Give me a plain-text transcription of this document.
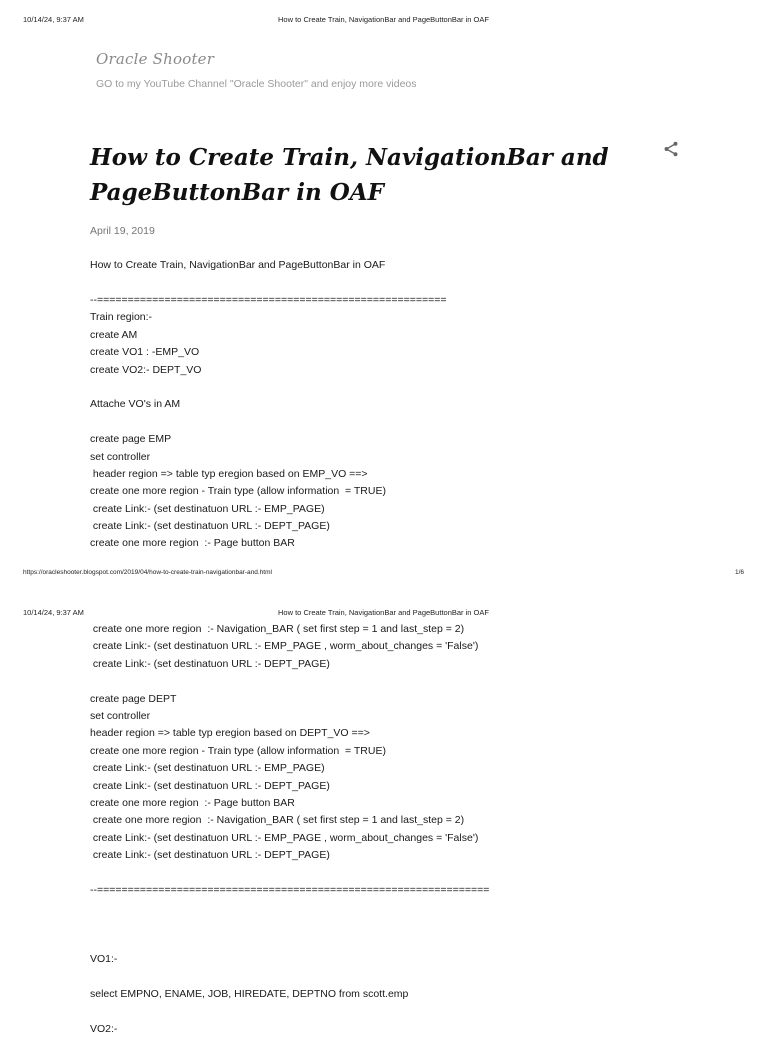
10/14/24, 9:37 AM	How to Create Train, NavigationBar and PageButtonBar in OAF
Oracle Shooter
GO to my YouTube Channel "Oracle Shooter" and enjoy more videos
How to Create Train, NavigationBar and
PageButtonBar in OAF
April 19, 2019
How to Create Train, NavigationBar and PageButtonBar in OAF
--=========================================================
Train region:-
create AM
create VO1 : -EMP_VO
create VO2:- DEPT_VO
Attache VO's in AM
create page EMP
set controller
header region => table typ eregion based on EMP_VO ==>
create one more region - Train type (allow information  = TRUE)
create Link:- (set destinatuon URL :- EMP_PAGE)
create Link:- (set destinatuon URL :- DEPT_PAGE)
create one more region  :- Page button BAR
https://oracleshooter.blogspot.com/2019/04/how-to-create-train-navigationbar-and.html	1/6
10/14/24, 9:37 AM	How to Create Train, NavigationBar and PageButtonBar in OAF
create one more region  :- Navigation_BAR ( set first step = 1 and last_step = 2)
create Link:- (set destinatuon URL :- EMP_PAGE , worm_about_changes = 'False')
create Link:- (set destinatuon URL :- DEPT_PAGE)
create page DEPT
set controller
header region => table typ eregion based on DEPT_VO ==>
create one more region - Train type (allow information  = TRUE)
create Link:- (set destinatuon URL :- EMP_PAGE)
create Link:- (set destinatuon URL :- DEPT_PAGE)
create one more region  :- Page button BAR
create one more region  :- Navigation_BAR ( set first step = 1 and last_step = 2)
create Link:- (set destinatuon URL :- EMP_PAGE , worm_about_changes = 'False')
create Link:- (set destinatuon URL :- DEPT_PAGE)
--================================================================
VO1:-
select EMPNO, ENAME, JOB, HIREDATE, DEPTNO from scott.emp
VO2:-
